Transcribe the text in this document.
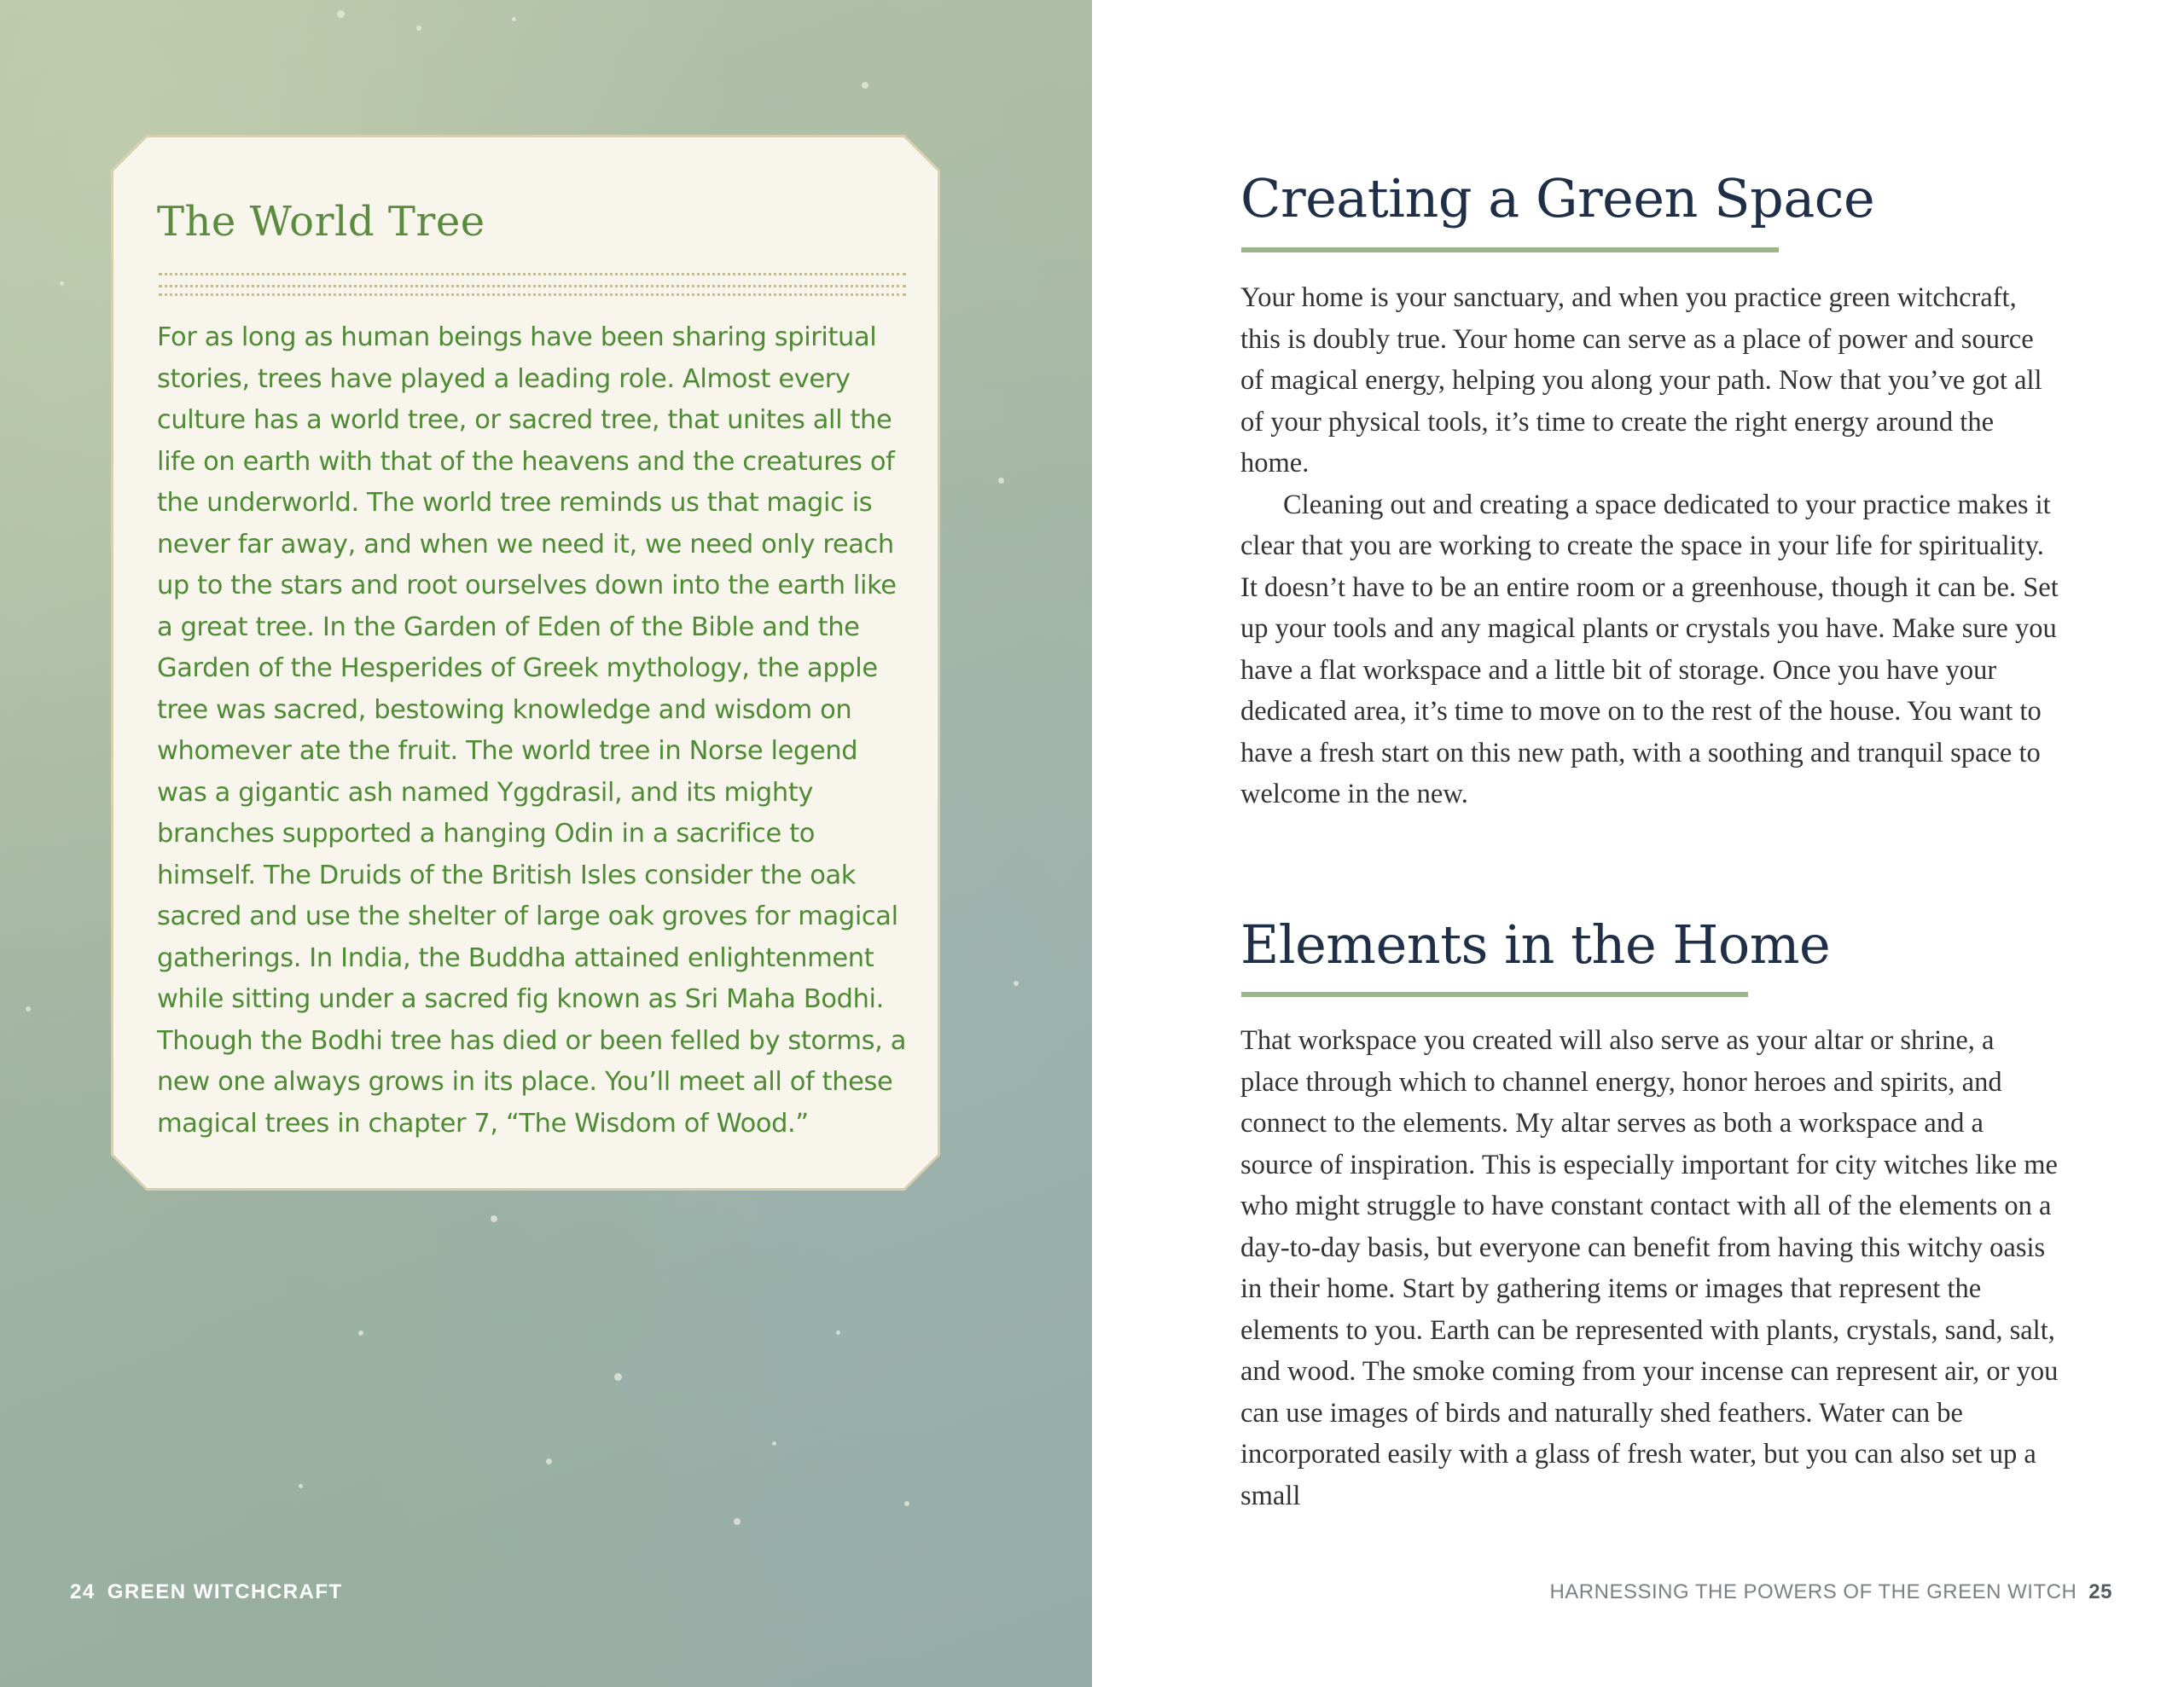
The World Tree

For as long as human beings have been sharing spiritual stories, trees have played a leading role. Almost every culture has a world tree, or sacred tree, that unites all the life on earth with that of the heavens and the creatures of the underworld. The world tree reminds us that magic is never far away, and when we need it, we need only reach up to the stars and root ourselves down into the earth like a great tree. In the Garden of Eden of the Bible and the Garden of the Hesperides of Greek mythology, the apple tree was sacred, bestowing knowledge and wisdom on whomever ate the fruit. The world tree in Norse legend was a gigantic ash named Yggdrasil, and its mighty branches supported a hanging Odin in a sacrifice to himself. The Druids of the British Isles consider the oak sacred and use the shelter of large oak groves for magical gatherings. In India, the Buddha attained enlightenment while sitting under a sacred fig known as Sri Maha Bodhi. Though the Bodhi tree has died or been felled by storms, a new one always grows in its place. You’ll meet all of these magical trees in chapter 7, “The Wisdom of Wood.”

24 GREEN WITCHCRAFT

Creating a Green Space

Your home is your sanctuary, and when you practice green witchcraft, this is doubly true. Your home can serve as a place of power and source of magical energy, helping you along your path. Now that you’ve got all of your physical tools, it’s time to create the right energy around the home.

Cleaning out and creating a space dedicated to your practice makes it clear that you are working to create the space in your life for spirituality. It doesn’t have to be an entire room or a greenhouse, though it can be. Set up your tools and any magical plants or crystals you have. Make sure you have a flat workspace and a little bit of storage. Once you have your dedicated area, it’s time to move on to the rest of the house. You want to have a fresh start on this new path, with a soothing and tranquil space to welcome in the new.

Elements in the Home

That workspace you created will also serve as your altar or shrine, a place through which to channel energy, honor heroes and spirits, and connect to the elements. My altar serves as both a workspace and a source of inspiration. This is especially important for city witches like me who might struggle to have constant contact with all of the elements on a day-to-day basis, but everyone can benefit from having this witchy oasis in their home. Start by gathering items or images that represent the elements to you. Earth can be represented with plants, crystals, sand, salt, and wood. The smoke coming from your incense can represent air, or you can use images of birds and naturally shed feathers. Water can be incorporated easily with a glass of fresh water, but you can also set up a small

HARNESSING THE POWERS OF THE GREEN WITCH 25
